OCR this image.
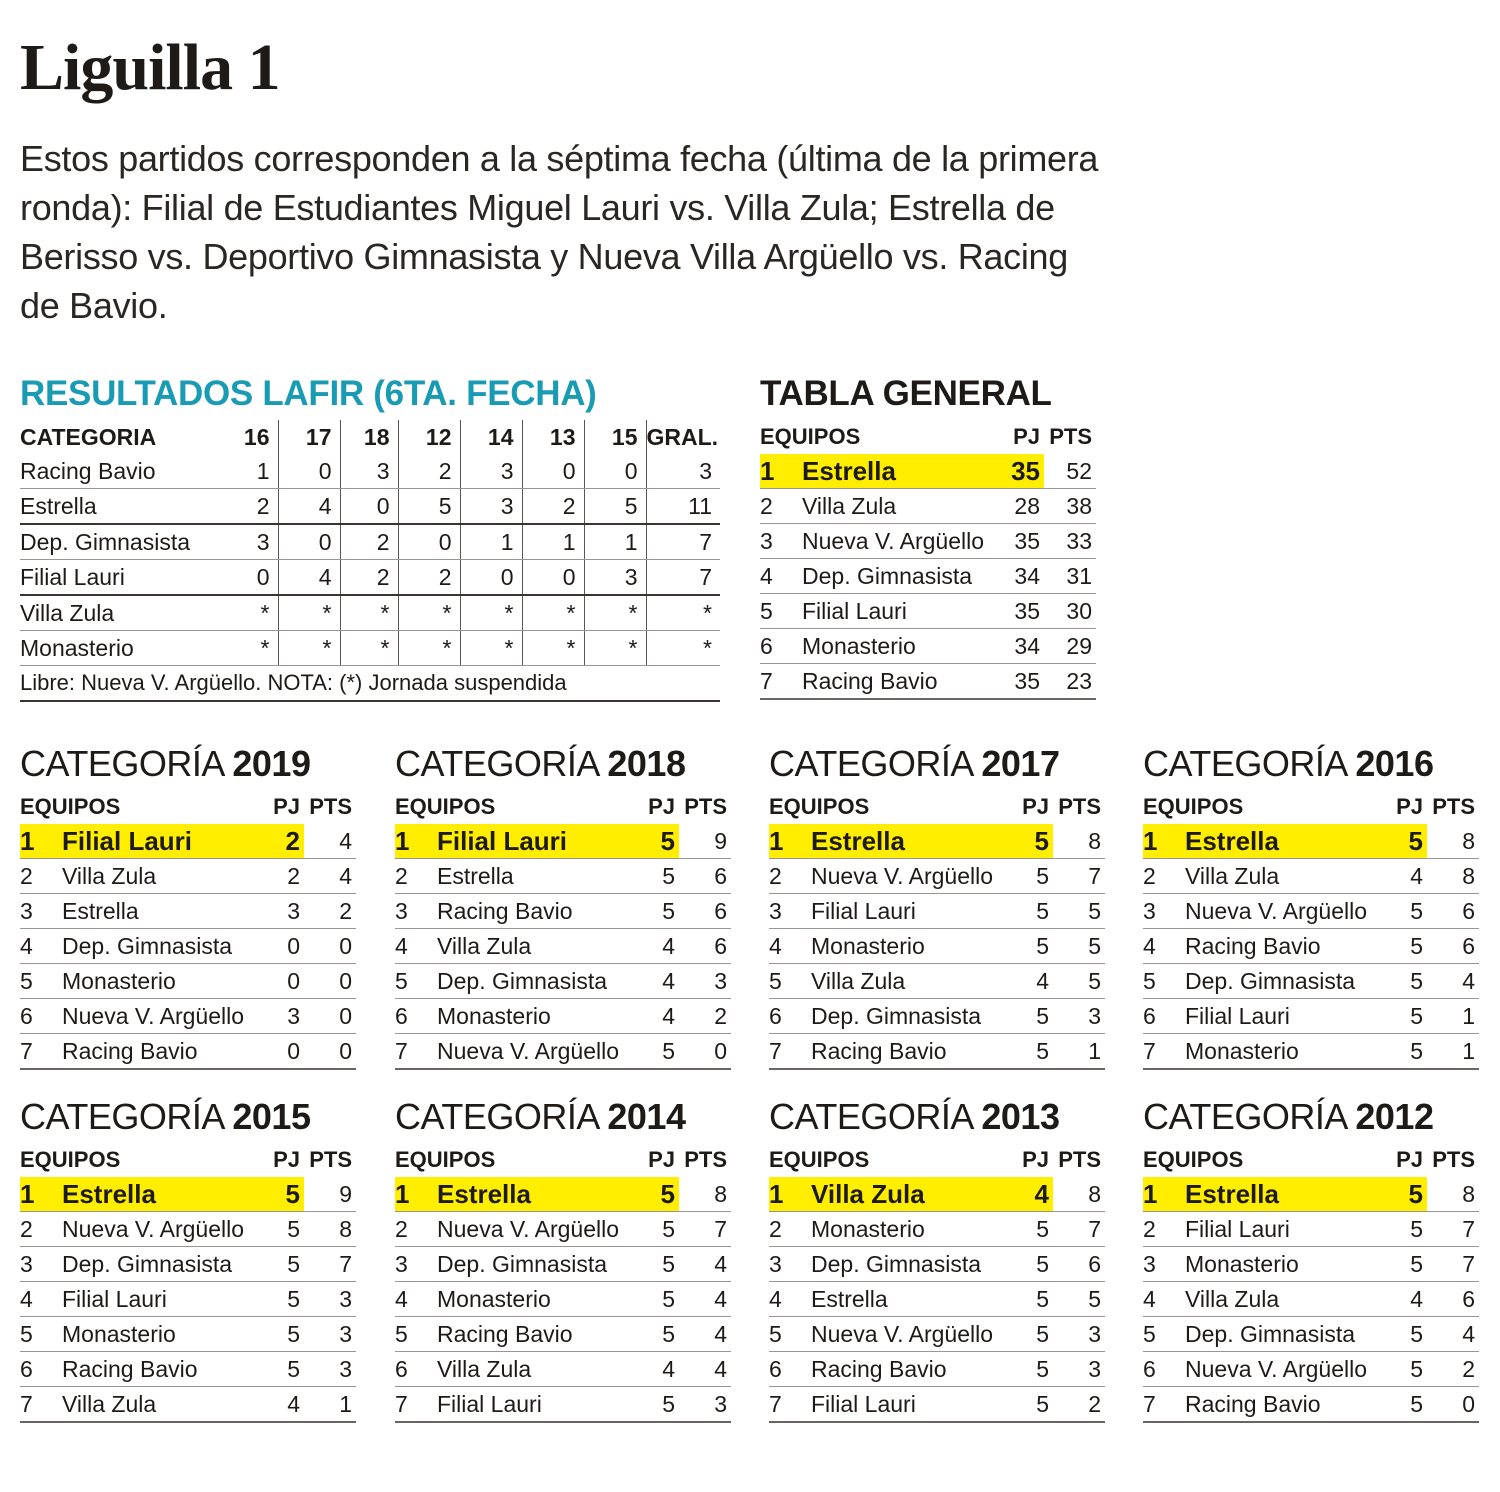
Liguilla 1

Estos partidos corresponden a la séptima fecha (última de la primera ronda): Filial de Estudiantes Miguel Lauri vs. Villa Zula; Estrella de Berisso vs. Deportivo Gimnasista y Nueva Villa Argüello vs. Racing de Bavio.

RESULTADOS LAFIR (6TA. FECHA)
CATEGORIA	16	17	18	12	14	13	15	GRAL.
Racing Bavio	1	0	3	2	3	0	0	3
Estrella	2	4	0	5	3	2	5	11
Dep. Gimnasista	3	0	2	0	1	1	1	7
Filial Lauri	0	4	2	2	0	0	3	7
Villa Zula	*	*	*	*	*	*	*	*
Monasterio	*	*	*	*	*	*	*	*
Libre: Nueva V. Argüello. NOTA: (*) Jornada suspendida								
TABLA GENERAL
EQUIPOS		PJ	PTS
1	Estrella	35	52
2	Villa Zula	28	38
3	Nueva V. Argüello	35	33
4	Dep. Gimnasista	34	31
5	Filial Lauri	35	30
6	Monasterio	34	29
7	Racing Bavio	35	23
CATEGORÍA 2019
EQUIPOS		PJ	PTS
1	Filial Lauri	2	4
2	Villa Zula	2	4
3	Estrella	3	2
4	Dep. Gimnasista	0	0
5	Monasterio	0	0
6	Nueva V. Argüello	3	0
7	Racing Bavio	0	0
CATEGORÍA 2018
EQUIPOS		PJ	PTS
1	Filial Lauri	5	9
2	Estrella	5	6
3	Racing Bavio	5	6
4	Villa Zula	4	6
5	Dep. Gimnasista	4	3
6	Monasterio	4	2
7	Nueva V. Argüello	5	0
CATEGORÍA 2017
EQUIPOS		PJ	PTS
1	Estrella	5	8
2	Nueva V. Argüello	5	7
3	Filial Lauri	5	5
4	Monasterio	5	5
5	Villa Zula	4	5
6	Dep. Gimnasista	5	3
7	Racing Bavio	5	1
CATEGORÍA 2016
EQUIPOS		PJ	PTS
1	Estrella	5	8
2	Villa Zula	4	8
3	Nueva V. Argüello	5	6
4	Racing Bavio	5	6
5	Dep. Gimnasista	5	4
6	Filial Lauri	5	1
7	Monasterio	5	1
CATEGORÍA 2015
EQUIPOS		PJ	PTS
1	Estrella	5	9
2	Nueva V. Argüello	5	8
3	Dep. Gimnasista	5	7
4	Filial Lauri	5	3
5	Monasterio	5	3
6	Racing Bavio	5	3
7	Villa Zula	4	1
CATEGORÍA 2014
EQUIPOS		PJ	PTS
1	Estrella	5	8
2	Nueva V. Argüello	5	7
3	Dep. Gimnasista	5	4
4	Monasterio	5	4
5	Racing Bavio	5	4
6	Villa Zula	4	4
7	Filial Lauri	5	3
CATEGORÍA 2013
EQUIPOS		PJ	PTS
1	Villa Zula	4	8
2	Monasterio	5	7
3	Dep. Gimnasista	5	6
4	Estrella	5	5
5	Nueva V. Argüello	5	3
6	Racing Bavio	5	3
7	Filial Lauri	5	2
CATEGORÍA 2012
EQUIPOS		PJ	PTS
1	Estrella	5	8
2	Filial Lauri	5	7
3	Monasterio	5	7
4	Villa Zula	4	6
5	Dep. Gimnasista	5	4
6	Nueva V. Argüello	5	2
7	Racing Bavio	5	0
